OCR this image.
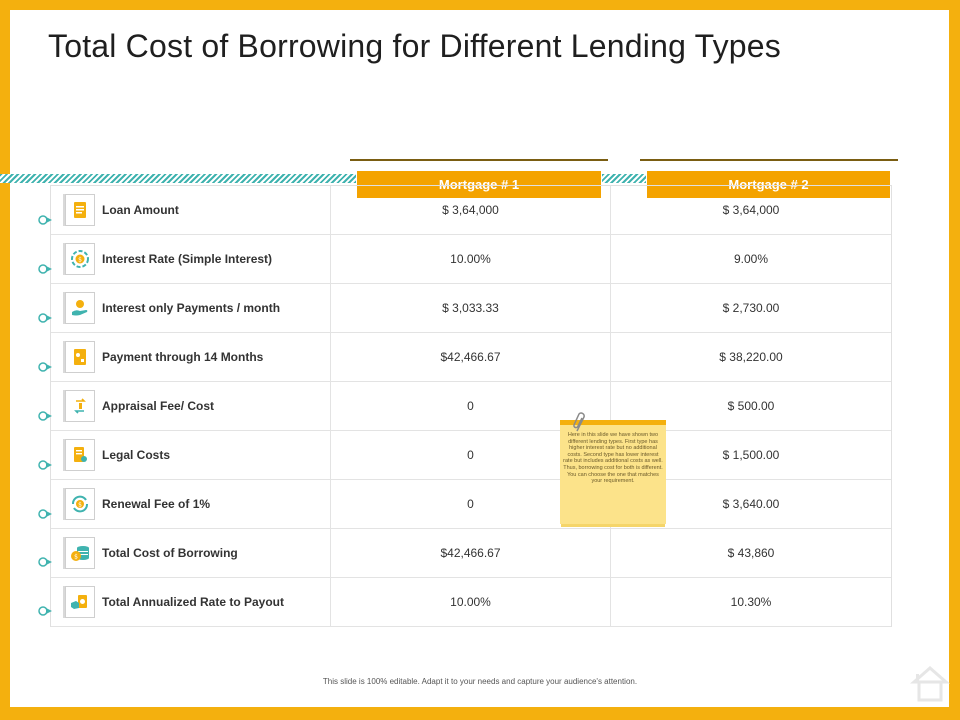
Total Cost of Borrowing for Different Lending Types
Mortgage # 1	Mortgage # 2
Loan Amount	$ 3,64,000	$ 3,64,000
$ Interest Rate (Simple Interest)	10.00%	9.00%
Interest only Payments / month	$ 3,033.33	$ 2,730.00
Payment through 14 Months	$42,466.67	$ 38,220.00
Appraisal Fee/ Cost	0	$ 500.00
Legal Costs	0	$ 1,500.00
$ Renewal Fee of 1%	0	$ 3,640.00
$ Total Cost of Borrowing	$42,466.67	$ 43,860
Total Annualized Rate to Payout	10.00%	10.30%
Here in this slide we have shown two different lending types. First type has higher interest rate but no additional costs. Second type has lower interest rate but includes additional costs as well. Thus, borrowing cost for both is different. You can choose the one that matches your requirement.
This slide is 100% editable. Adapt it to your needs and capture your audience's attention.
